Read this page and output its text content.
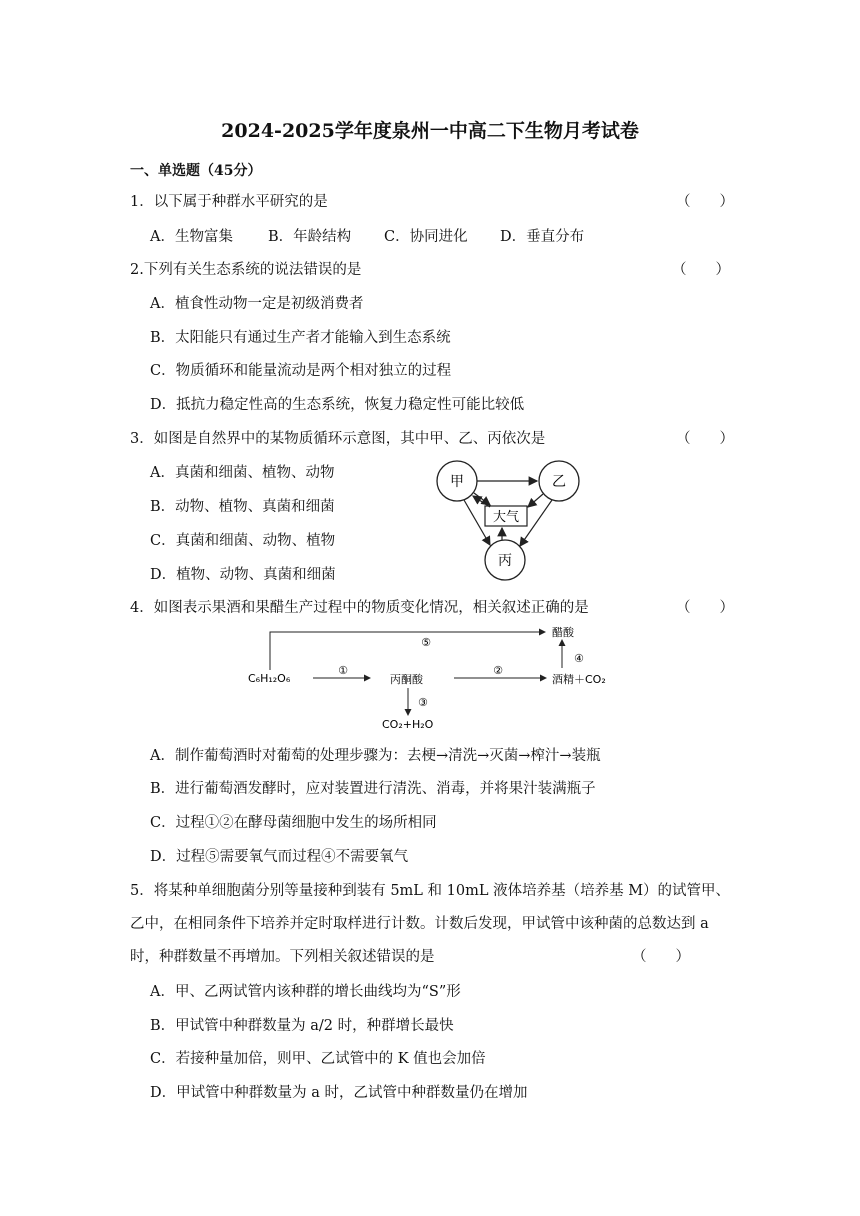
2024-2025学年度泉州一中高二下生物月考试卷
一、单选题（45分）
1．以下属于种群水平研究的是	（　　）
A．生物富集 B．年龄结构 C．协同进化 D．垂直分布
2.下列有关生态系统的说法错误的是	（　　）
A．植食性动物一定是初级消费者
B．太阳能只有通过生产者才能输入到生态系统
C．物质循环和能量流动是两个相对独立的过程
D．抵抗力稳定性高的生态系统，恢复力稳定性可能比较低
3．如图是自然界中的某物质循环示意图，其中甲、乙、丙依次是	（　　）
A．真菌和细菌、植物、动物
B．动物、植物、真菌和细菌
C．真菌和细菌、动物、植物
D．植物、动物、真菌和细菌
甲	乙
丙
大气
4．如图表示果酒和果醋生产过程中的物质变化情况，相关叙述正确的是	（　　）
C₆H₁₂O₆
①
丙酮酸
②
酒精＋CO₂
④
醋酸
⑤
③
CO₂+H₂O
A．制作葡萄酒时对葡萄的处理步骤为：去梗→清洗→灭菌→榨汁→装瓶
B．进行葡萄酒发酵时，应对装置进行清洗、消毒，并将果汁装满瓶子
C．过程①②在酵母菌细胞中发生的场所相同
D．过程⑤需要氧气而过程④不需要氧气
5．将某种单细胞菌分别等量接种到装有 5mL 和 10mL 液体培养基（培养基 M）的试管甲、
乙中，在相同条件下培养并定时取样进行计数。计数后发现，甲试管中该种菌的总数达到 a
时，种群数量不再增加。下列相关叙述错误的是	（　　）
A．甲、乙两试管内该种群的增长曲线均为“S”形
B．甲试管中种群数量为 a/2 时，种群增长最快
C．若接种量加倍，则甲、乙试管中的 K 值也会加倍
D．甲试管中种群数量为 a 时，乙试管中种群数量仍在增加
